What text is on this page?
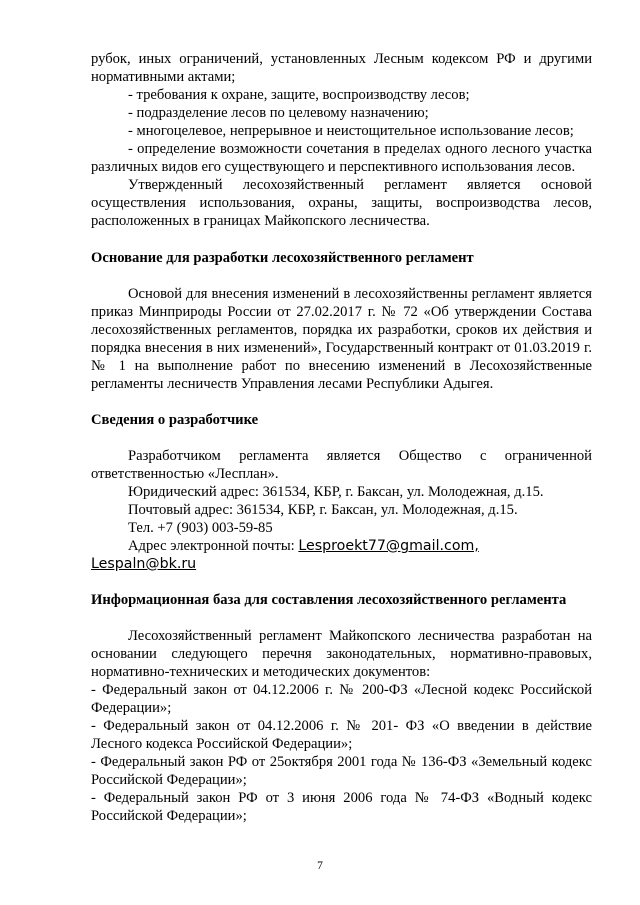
рубок, иных ограничений, установленных Лесным кодексом РФ и другими нормативными актами;

- требования к охране, защите, воспроизводству лесов;

- подразделение лесов по целевому назначению;

- многоцелевое, непрерывное и неистощительное использование лесов;

- определение возможности сочетания в пределах одного лесного участка различных видов его существующего и перспективного использования лесов.

Утвержденный лесохозяйственный регламент является основой осуществления использования, охраны, защиты, воспроизводства лесов, расположенных в границах Майкопского лесничества.

Основание для разработки лесохозяйственного регламент

Основой для внесения изменений в лесохозяйственны регламент является приказ Минприроды России от 27.02.2017 г. № 72 «Об утверждении Состава лесохозяйственных регламентов, порядка их разработки, сроков их действия и порядка внесения в них изменений», Государственный контракт от 01.03.2019 г. № 1 на выполнение работ по внесению изменений в Лесохозяйственные регламенты лесничеств Управления лесами Республики Адыгея.

Сведения о разработчике

Разработчиком регламента является Общество с ограниченной ответственностью «Лесплан».

Юридический адрес: 361534, КБР, г. Баксан, ул. Молодежная, д.15.

Почтовый адрес: 361534, КБР, г. Баксан, ул. Молодежная, д.15.

Тел. +7 (903) 003-59-85

Адрес электронной почты: Lesproekt77@gmail.com,
Lespaln@bk.ru

Информационная база для составления лесохозяйственного регламента

Лесохозяйственный регламент Майкопского лесничества разработан на основании следующего перечня законодательных, нормативно-правовых, нормативно-технических и методических документов:

- Федеральный закон от 04.12.2006 г. № 200-ФЗ «Лесной кодекс Российской Федерации»;

- Федеральный закон от 04.12.2006 г. № 201- ФЗ «О введении в действие Лесного кодекса Российской Федерации»;

- Федеральный закон РФ от 25октября 2001 года № 136-ФЗ «Земельный кодекс Российской Федерации»;

- Федеральный закон РФ от 3 июня 2006 года № 74-ФЗ «Водный кодекс Российской Федерации»;

7
